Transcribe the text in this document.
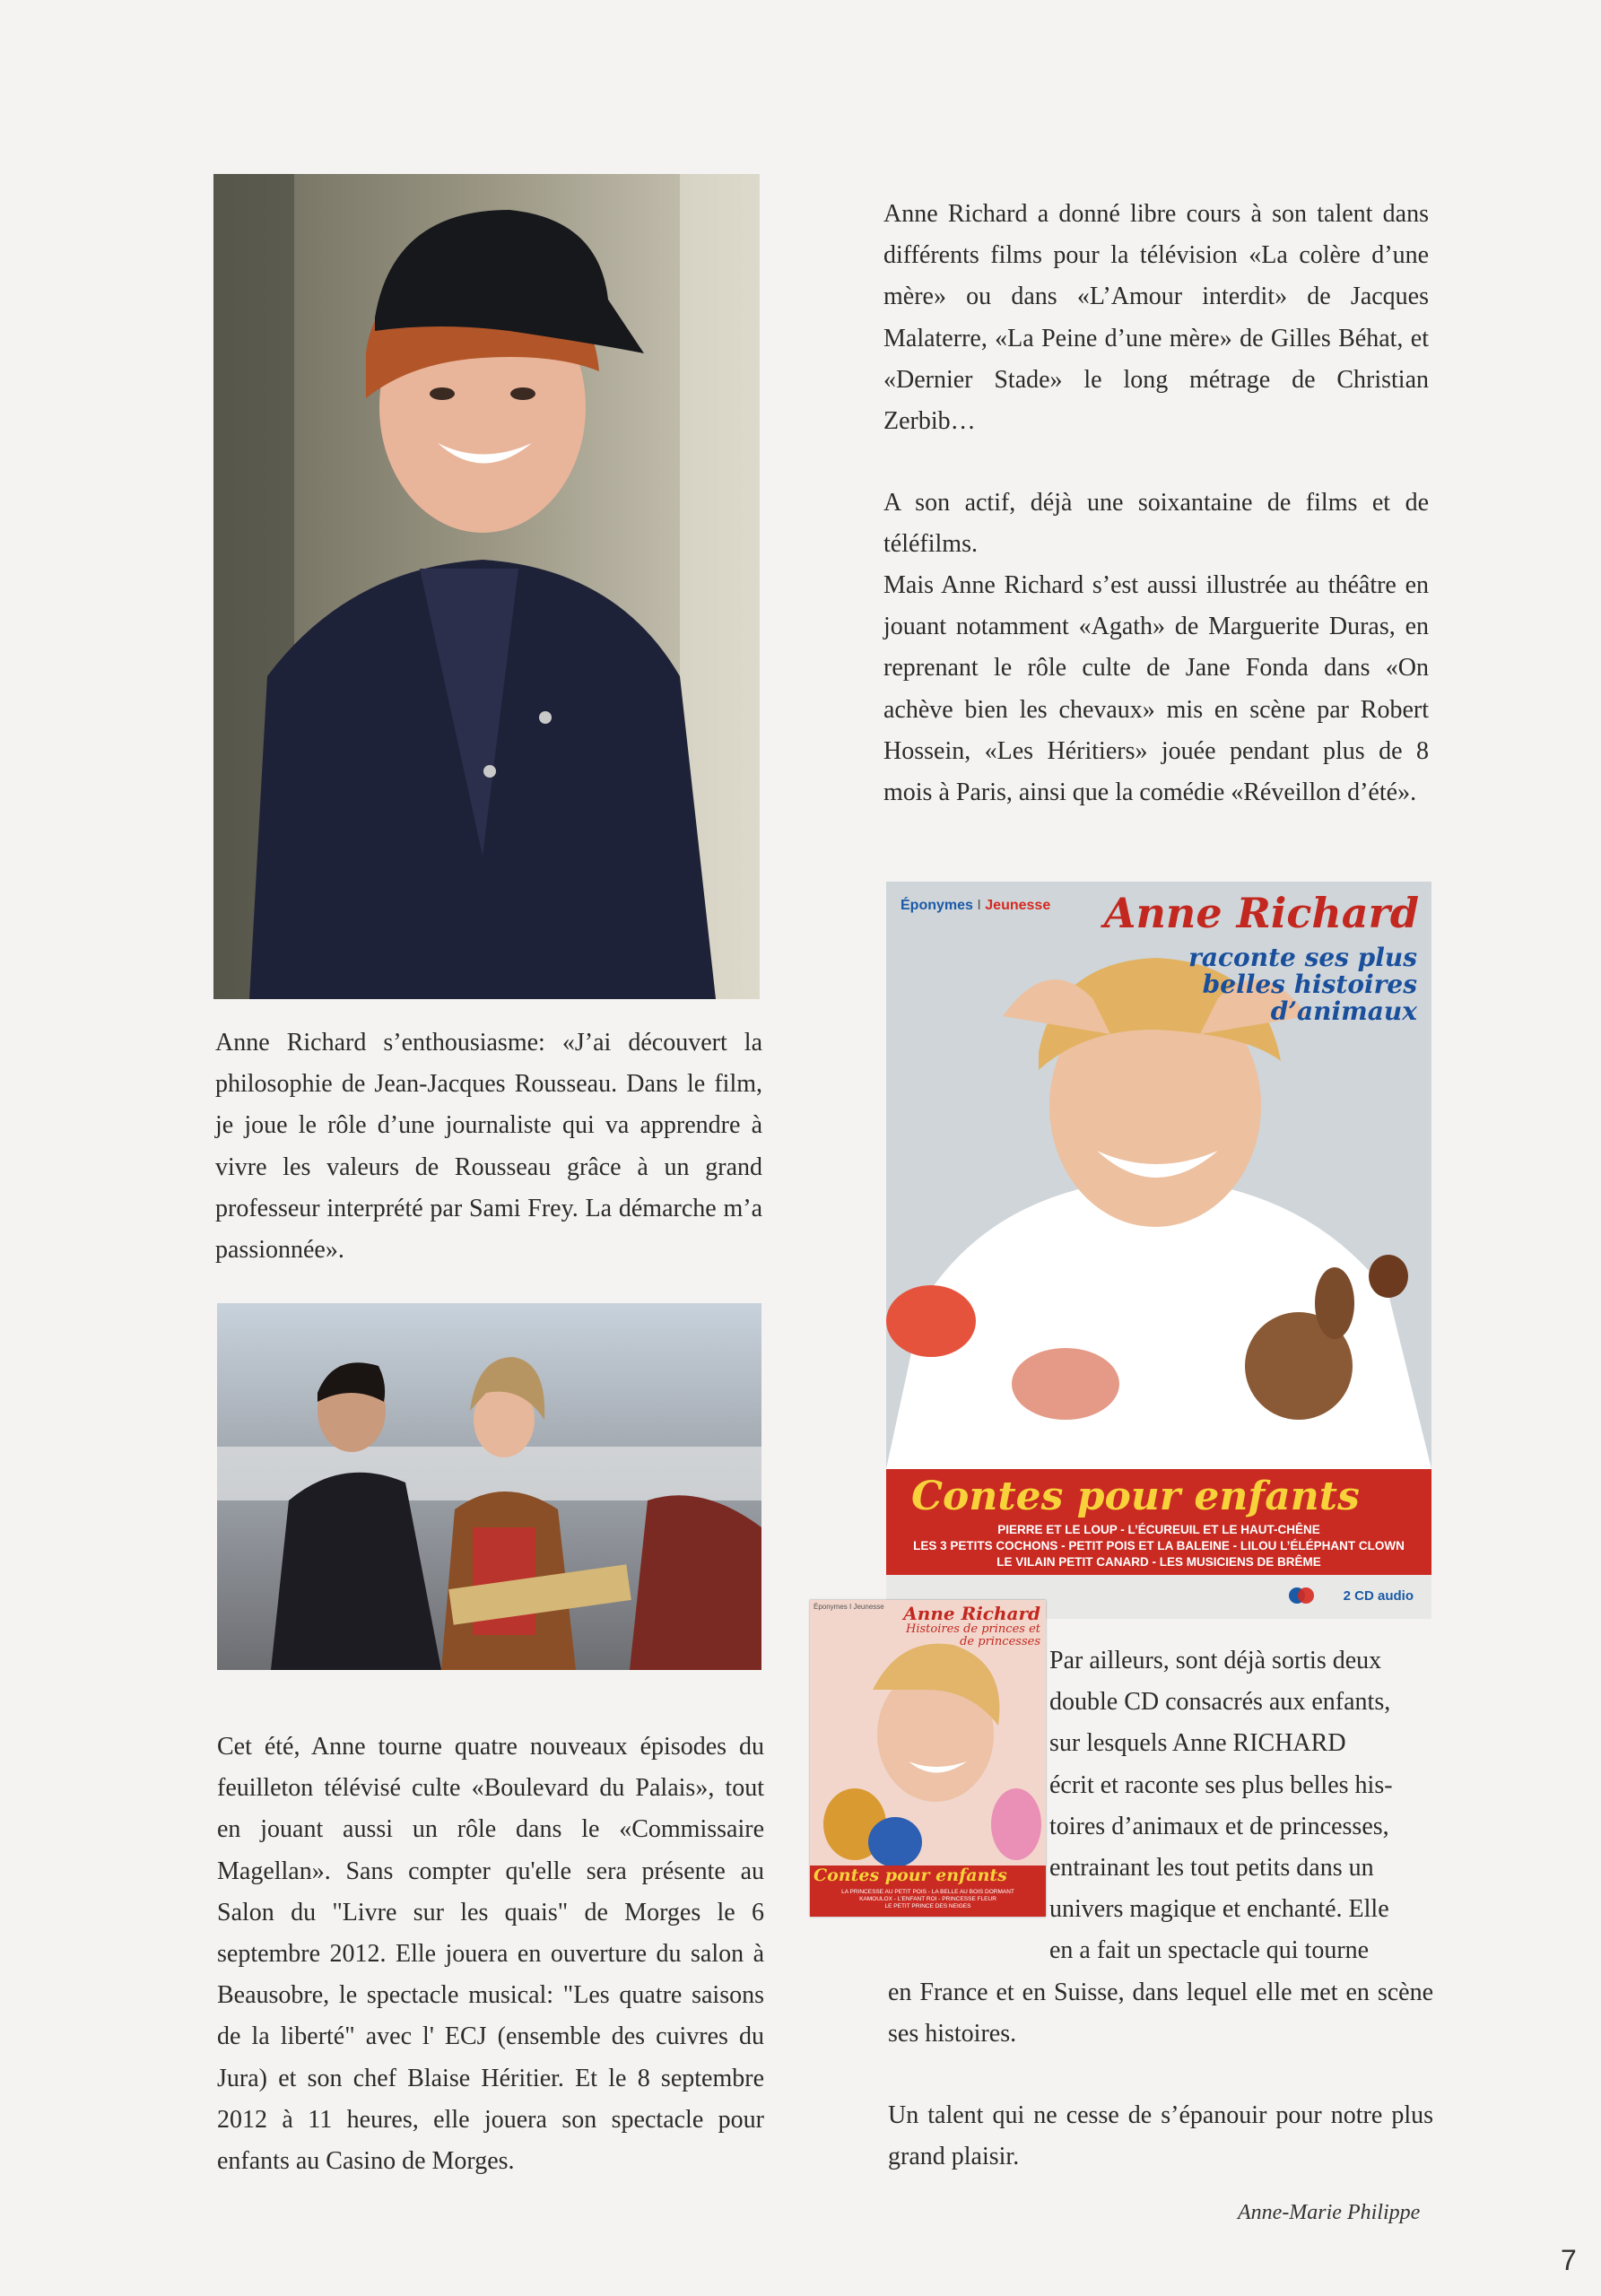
Anne Richard a donné libre cours à son talent dans différents films pour la télévision «La colère d’une mère» ou dans «L’Amour interdit» de Jacques Malaterre, «La Peine d’une mère» de Gilles Béhat, et «Dernier Stade» le long métrage de Christian Zerbib…

A son actif, déjà une soixantaine de films et de téléfilms.

Mais Anne Richard s’est aussi illustrée au théâtre en jouant notamment «Agath» de Marguerite Duras, en reprenant le rôle culte de Jane Fonda dans «On achève bien les chevaux» mis en scène par Robert Hossein, «Les Héritiers» jouée pendant plus de 8 mois à Paris, ainsi que la comédie «Réveillon d’été».

Éponymes I Jeunesse Anne Richard
raconte ses plus belles histoires d’animaux
Contes pour enfants
PIERRE ET LE LOUP - L’ÉCUREUIL ET LE HAUT-CHÊNE
LES 3 PETITS COCHONS - PETIT POIS ET LA BALEINE - LILOU L’ÉLÉPHANT CLOWN
LE VILAIN PETIT CANARD - LES MUSICIENS DE BRÊME
2 CD audio

Anne Richard s’enthousiasme: «J’ai découvert la philosophie de Jean-Jacques Rousseau. Dans le film, je joue le rôle d’une journaliste qui va apprendre à vivre les valeurs de Rousseau grâce à un grand professeur interprété par Sami Frey. La démarche m’a passionnée».

Cet été, Anne tourne quatre nouveaux épisodes du feuilleton télévisé culte «Boulevard du Palais», tout en jouant aussi un rôle dans le «Commissaire Magellan». Sans compter qu'elle sera présente au Salon du "Livre sur les quais" de Morges le 6 septembre 2012. Elle jouera en ouverture du salon à Beausobre, le spectacle musical: "Les quatre saisons de la liberté" avec l' ECJ (ensemble des cuivres du Jura) et son chef Blaise Héritier. Et le 8 septembre 2012 à 11 heures, elle jouera son spectacle pour enfants au Casino de Morges.

Éponymes I Jeunesse Anne Richard
Histoires de princes et de princesses
Contes pour enfants
LA PRINCESSE AU PETIT POIS - LA BELLE AU BOIS DORMANT
KAMOULOX - L'ENFANT ROI - PRINCESSE FLEUR
LE PETIT PRINCE DES NEIGES

Par ailleurs, sont déjà sortis deux

double CD consacrés aux enfants,

sur lesquels Anne RICHARD

écrit et raconte ses plus belles his-

toires d’animaux et de princesses,

entrainant les tout petits dans un

univers magique et enchanté. Elle

en a fait un spectacle qui tourne

en France et en Suisse, dans lequel elle met en scène ses histoires.

Un talent qui ne cesse de s’épanouir pour notre plus grand plaisir.

Anne-Marie Philippe
7
